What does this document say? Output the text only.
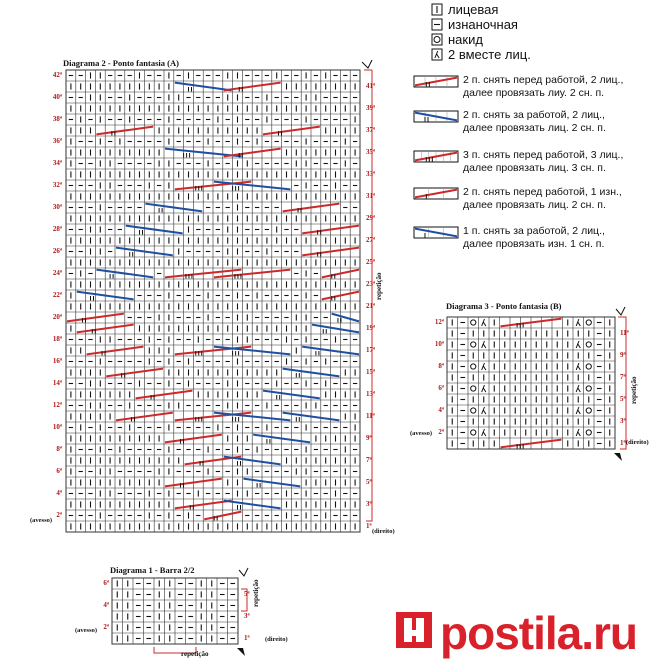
лицевая
изнаночная
накид
2 вместе лиц.
2 п. снять перед работой, 2 лиц.,
далее провязать лиу. 2 сн. п.
2 п. снять за работой, 2 лиц.,
далее провязать лиц. 2 сн. п.
3 п. снять перед работой, 3 лиц.,
далее провязать лиц. 3 сн. п.
2 п. снять перед работой, 1 изн.,
далее провязать лиц. 2 сн. п.
1 п. снять за работой, 2 лиц.,
далее провязать изн. 1 сн. п.
Diagrama 2 - Ponto fantasia (A)
(avesso)
(direito)
repetição
Diagrama 3 - Ponto fantasia (B)
(avesso)
(direito)
repetição
Diagrama 1 - Barra 2/2
(avesso)
(direito)
repetição
repetição
postila.ru
42ª
40ª
38ª
36ª
34ª
32ª
30ª
28ª
26ª
24ª
22ª
20ª
18ª
16ª
14ª
12ª
10ª
8ª
6ª
4ª
2ª
41ª
39ª
37ª
35ª
33ª
31ª
29ª
27ª
25ª
23ª
21ª
19ª
17ª
15ª
13ª
11ª
9ª
7ª
5ª
3ª
1ª
12ª
10ª
8ª
6ª
4ª
2ª
11ª
9ª
7ª
5ª
3ª
1ª
6ª
4ª
2ª
5ª
3ª
1ª
